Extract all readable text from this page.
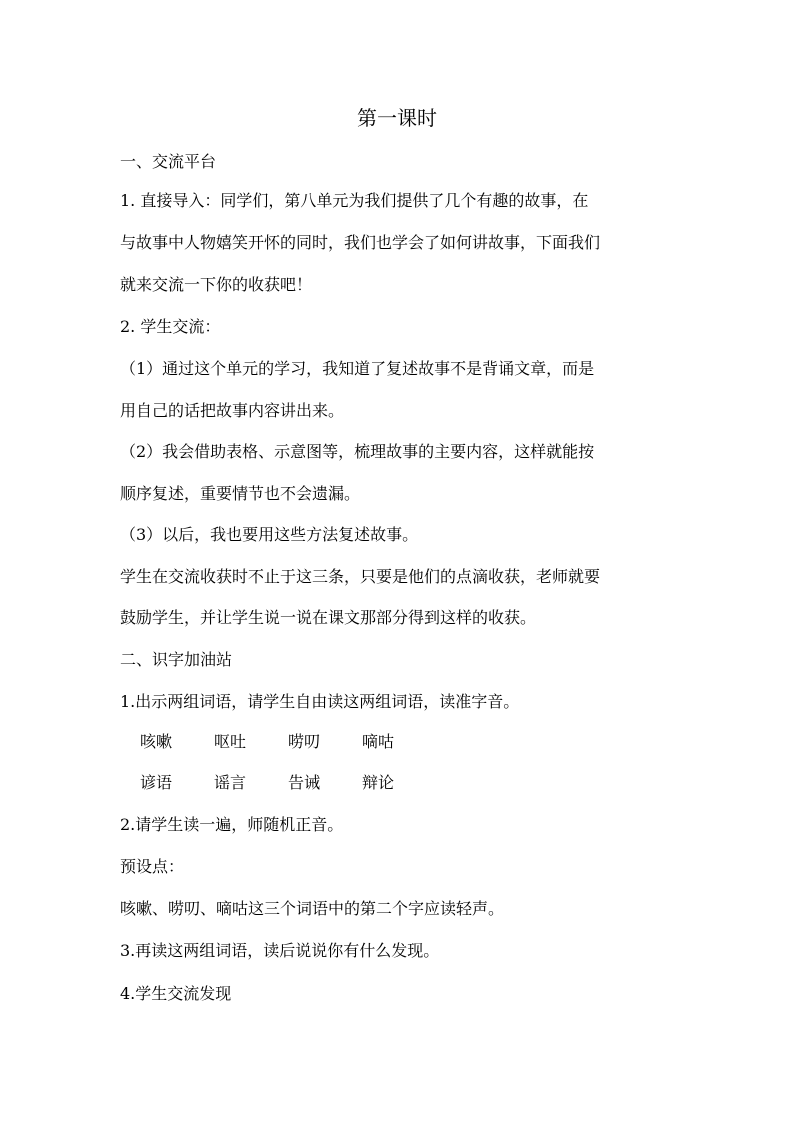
第一课时
一、交流平台
1. 直接导入：同学们，第八单元为我们提供了几个有趣的故事，在
与故事中人物嬉笑开怀的同时，我们也学会了如何讲故事，下面我们
就来交流一下你的收获吧！
2. 学生交流：
（1）通过这个单元的学习，我知道了复述故事不是背诵文章，而是
用自己的话把故事内容讲出来。
（2）我会借助表格、示意图等，梳理故事的主要内容，这样就能按
顺序复述，重要情节也不会遗漏。
（3）以后，我也要用这些方法复述故事。
学生在交流收获时不止于这三条，只要是他们的点滴收获，老师就要
鼓励学生，并让学生说一说在课文那部分得到这样的收获。
二、识字加油站
1.出示两组词语，请学生自由读这两组词语，读准字音。
咳嗽	呕吐	唠叨	嘀咕
谚语	谣言	告诫	辩论
2.请学生读一遍，师随机正音。
预设点：
咳嗽、唠叨、嘀咕这三个词语中的第二个字应读轻声。
3.再读这两组词语，读后说说你有什么发现。
4.学生交流发现
